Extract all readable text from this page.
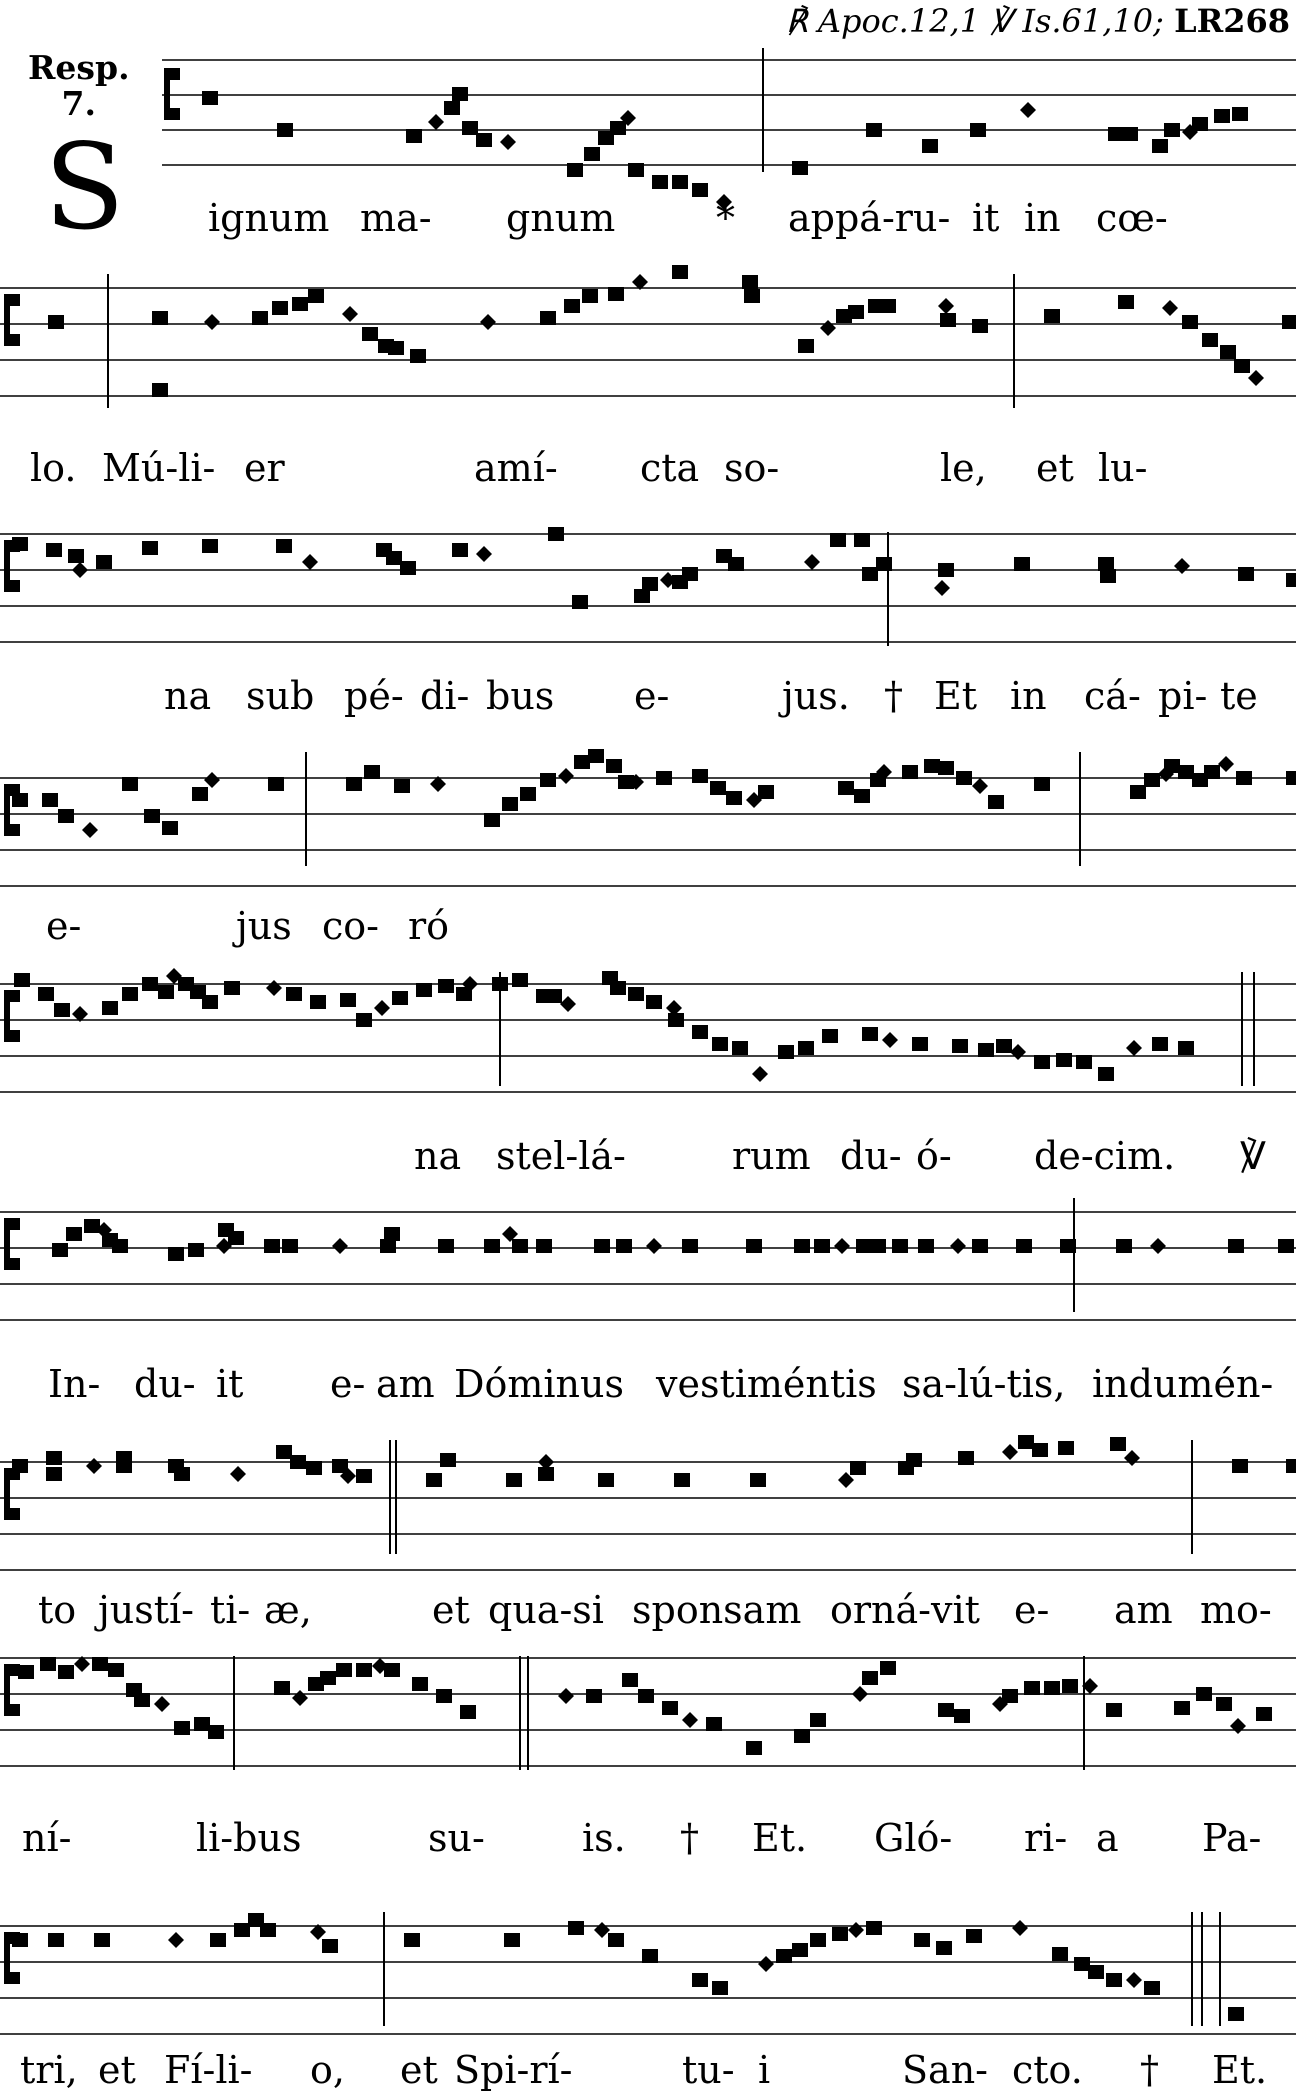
℟ Apoc.12,1 ℣ Is.61,10; LR268
Resp.
7.
S ignum ma- gnum	* appá-ru- it in cœ-
lo. Mú-li- er	amí- cta so-	le, et lu-
na sub pé- di- bus e-	jus. † Et in cá- pi- te
e-	jus co- ró
na stel-lá-	rum du- ó- de-cim. ℣
In- du- it e- am Dóminus vestiméntis sa-lú-tis, indumén-
to justí- ti- æ,	et qua-si sponsam orná-vit e- am mo-
ní-	li-bus	su-	is. † Et. Gló- ri- a Pa-
tri, et Fí-li- o, et Spi-rí-	tu- i	San- cto. † Et.
